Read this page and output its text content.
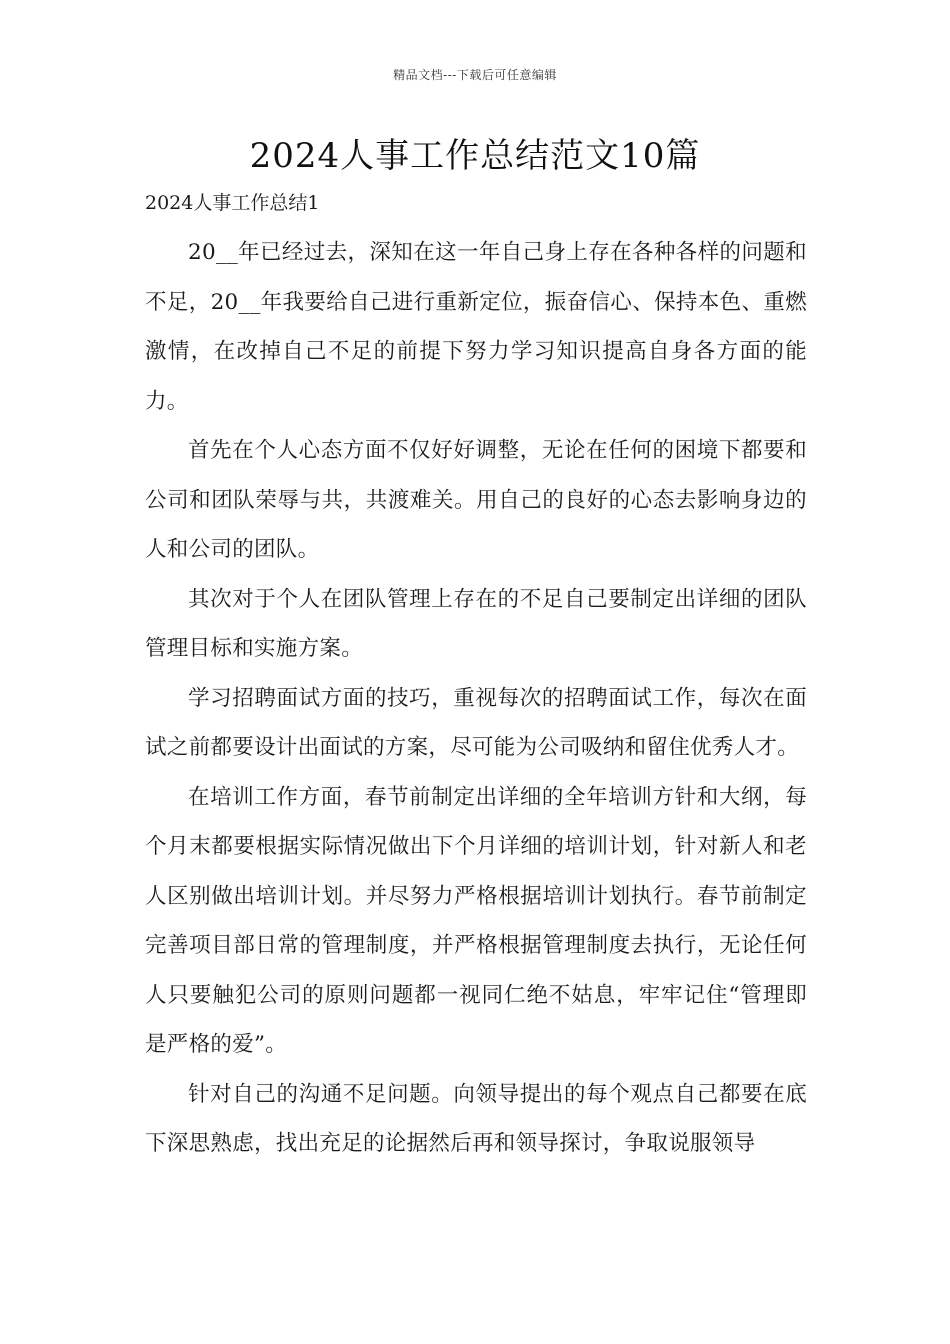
精品文档---下载后可任意编辑
2024人事工作总结范文10篇
2024人事工作总结1

20__年已经过去，深知在这一年自己身上存在各种各样的问题和不足，20__年我要给自己进行重新定位，振奋信心、保持本色、重燃激情，在改掉自己不足的前提下努力学习知识提高自身各方面的能力。

首先在个人心态方面不仅好好调整，无论在任何的困境下都要和公司和团队荣辱与共，共渡难关。用自己的良好的心态去影响身边的人和公司的团队。

其次对于个人在团队管理上存在的不足自己要制定出详细的团队管理目标和实施方案。

学习招聘面试方面的技巧，重视每次的招聘面试工作，每次在面试之前都要设计出面试的方案，尽可能为公司吸纳和留住优秀人才。

在培训工作方面，春节前制定出详细的全年培训方针和大纲，每个月末都要根据实际情况做出下个月详细的培训计划，针对新人和老人区别做出培训计划。并尽努力严格根据培训计划执行。春节前制定完善项目部日常的管理制度，并严格根据管理制度去执行，无论任何人只要触犯公司的原则问题都一视同仁绝不姑息，牢牢记住“管理即是严格的爱”。

针对自己的沟通不足问题。向领导提出的每个观点自己都要在底下深思熟虑，找出充足的论据然后再和领导探讨，争取说服领导
